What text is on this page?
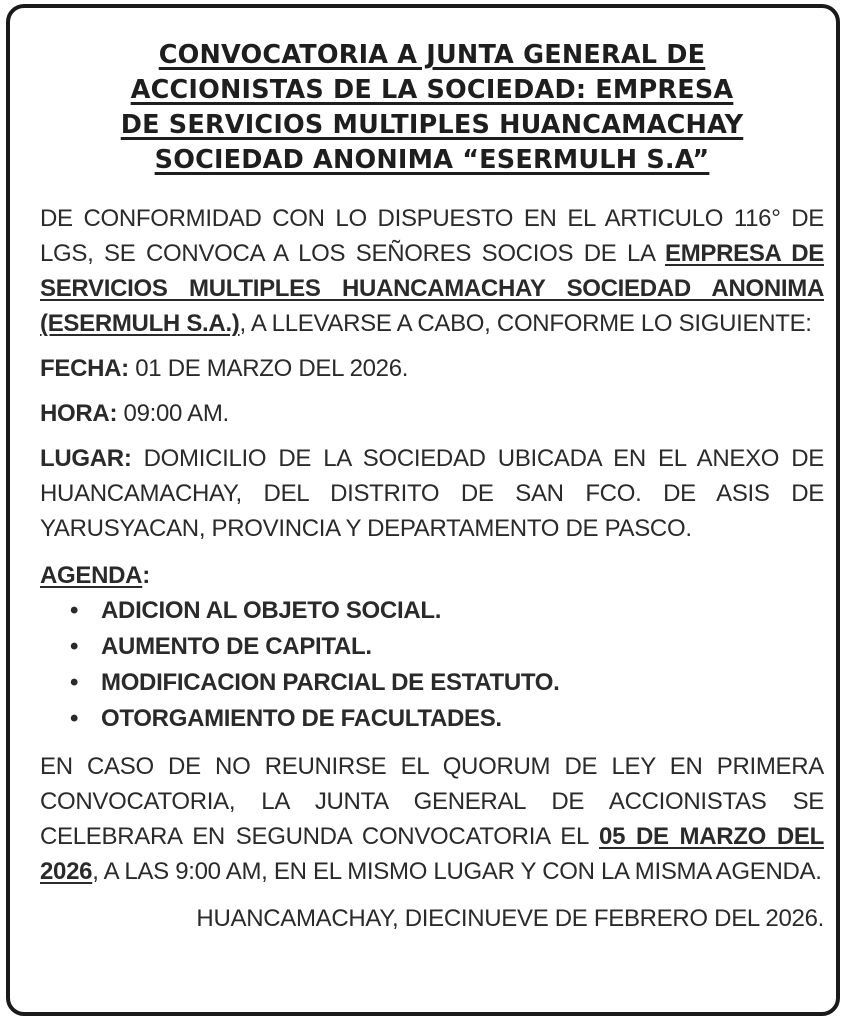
CONVOCATORIA A JUNTA GENERAL DE
ACCIONISTAS DE LA SOCIEDAD: EMPRESA
DE SERVICIOS MULTIPLES HUANCAMACHAY
SOCIEDAD ANONIMA “ESERMULH S.A”
DE CONFORMIDAD CON LO DISPUESTO EN EL ARTICULO 116° DE LGS, SE CONVOCA A LOS SEÑORES SOCIOS DE LA EMPRESA DE SERVICIOS MULTIPLES HUANCAMACHAY SOCIEDAD ANONIMA (ESERMULH S.A.), A LLEVARSE A CABO, CONFORME LO SIGUIENTE:
FECHA: 01 DE MARZO DEL 2026.
HORA: 09:00 AM.
LUGAR: DOMICILIO DE LA SOCIEDAD UBICADA EN EL ANEXO DE HUANCAMACHAY, DEL DISTRITO DE SAN FCO. DE ASIS DE YARUSYACAN, PROVINCIA Y DEPARTAMENTO DE PASCO.
AGENDA:
• ADICION AL OBJETO SOCIAL.
• AUMENTO DE CAPITAL.
• MODIFICACION PARCIAL DE ESTATUTO.
• OTORGAMIENTO DE FACULTADES.
EN CASO DE NO REUNIRSE EL QUORUM DE LEY EN PRIMERA CONVOCATORIA, LA JUNTA GENERAL DE ACCIONISTAS SE CELEBRARA EN SEGUNDA CONVOCATORIA EL 05 DE MARZO DEL 2026, A LAS 9:00 AM, EN EL MISMO LUGAR Y CON LA MISMA AGENDA.
HUANCAMACHAY, DIECINUEVE DE FEBRERO DEL 2026.
